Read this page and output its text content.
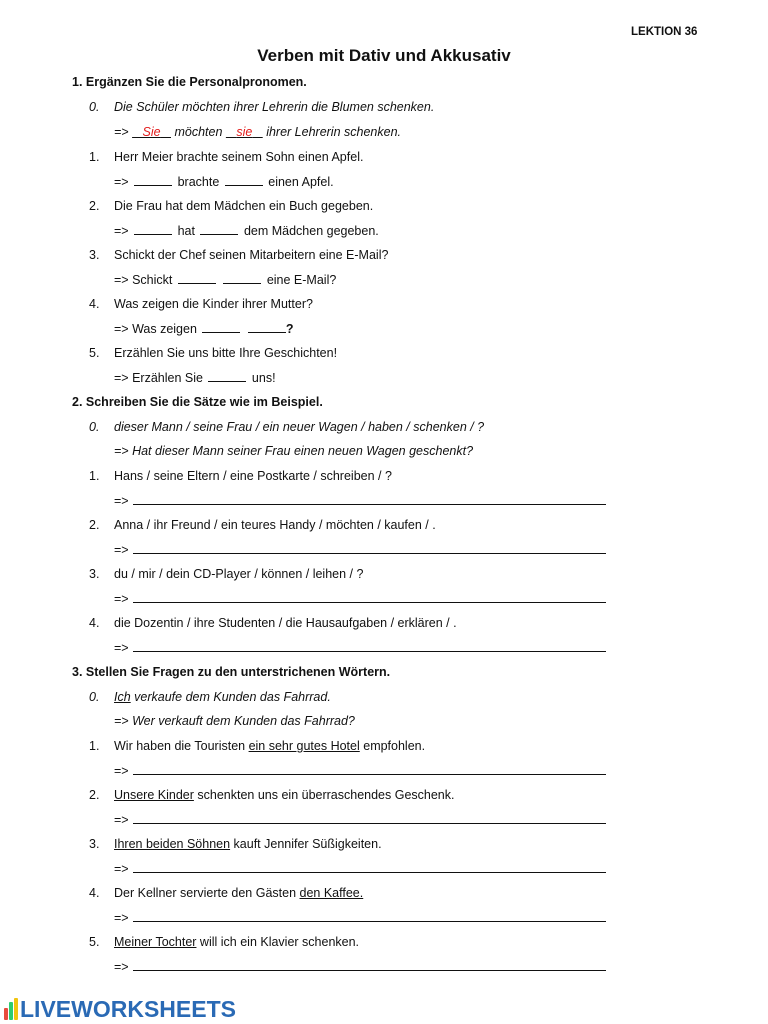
LEKTION 36
Verben mit Dativ und Akkusativ
1. Ergänzen Sie die Personalpronomen.
0. Die Schüler möchten ihrer Lehrerin die Blumen schenken.
=>    Sie    möchten    sie    ihrer Lehrerin schenken.
1. Herr Meier brachte seinem Sohn einen Apfel.
=>	brachte	einen Apfel.
2. Die Frau hat dem Mädchen ein Buch gegeben.
=>	hat	dem Mädchen gegeben.
3. Schickt der Chef seinen Mitarbeitern eine E-Mail?
=> Schickt	eine E-Mail?
4. Was zeigen die Kinder ihrer Mutter?
=> Was zeigen	?
5. Erzählen Sie uns bitte Ihre Geschichten!
=> Erzählen Sie	uns!
2. Schreiben Sie die Sätze wie im Beispiel.
0. dieser Mann / seine Frau / ein neuer Wagen / haben / schenken / ?
=> Hat dieser Mann seiner Frau einen neuen Wagen geschenkt?
1. Hans / seine Eltern / eine Postkarte / schreiben / ?
=>
2. Anna / ihr Freund / ein teures Handy / möchten / kaufen / .
=>
3. du / mir / dein CD-Player / können / leihen / ?
=>
4. die Dozentin / ihre Studenten / die Hausaufgaben / erklären / .
=>
3. Stellen Sie Fragen zu den unterstrichenen Wörtern.
0. Ich verkaufe dem Kunden das Fahrrad.
=> Wer verkauft dem Kunden das Fahrrad?
1. Wir haben die Touristen ein sehr gutes Hotel empfohlen.
=>
2. Unsere Kinder schenkten uns ein überraschendes Geschenk.
=>
3. Ihren beiden Söhnen kauft Jennifer Süßigkeiten.
=>
4. Der Kellner servierte den Gästen den Kaffee.
=>
5. Meiner Tochter will ich ein Klavier schenken.
=>
LIVEWORKSHEETS
